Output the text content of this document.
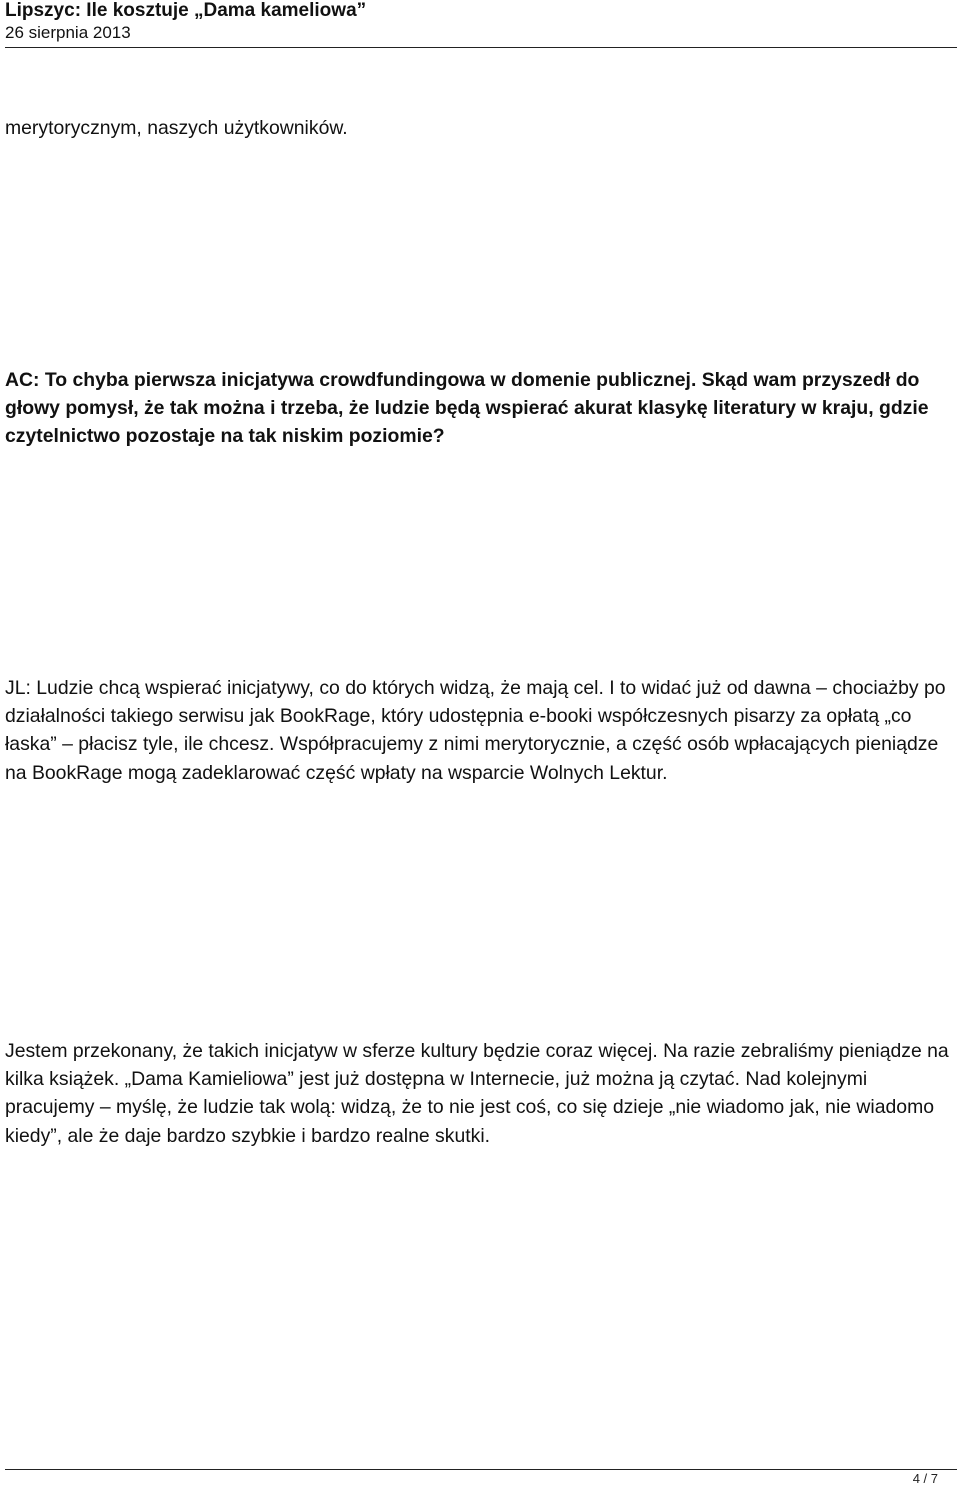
Lipszyc: Ile kosztuje „Dama kameliowa”
26 sierpnia 2013

merytorycznym, naszych użytkowników.

AC: To chyba pierwsza inicjatywa crowdfundingowa w domenie publicznej. Skąd wam przyszedł do głowy pomysł, że tak można i trzeba, że ludzie będą wspierać akurat klasykę literatury w kraju, gdzie czytelnictwo pozostaje na tak niskim poziomie?

JL: Ludzie chcą wspierać inicjatywy, co do których widzą, że mają cel. I to widać już od dawna – chociażby po działalności takiego serwisu jak BookRage, który udostępnia e-booki współczesnych pisarzy za opłatą „co łaska” – płacisz tyle, ile chcesz. Współpracujemy z nimi merytorycznie, a część osób wpłacających pieniądze na BookRage mogą zadeklarować część wpłaty na wsparcie Wolnych Lektur.

Jestem przekonany, że takich inicjatyw w sferze kultury będzie coraz więcej. Na razie zebraliśmy pieniądze na kilka książek. „Dama Kamieliowa” jest już dostępna w Internecie, już można ją czytać. Nad kolejnymi pracujemy – myślę, że ludzie tak wolą: widzą, że to nie jest coś, co się dzieje „nie wiadomo jak, nie wiadomo kiedy”, ale że daje bardzo szybkie i bardzo realne skutki.

4 / 7
